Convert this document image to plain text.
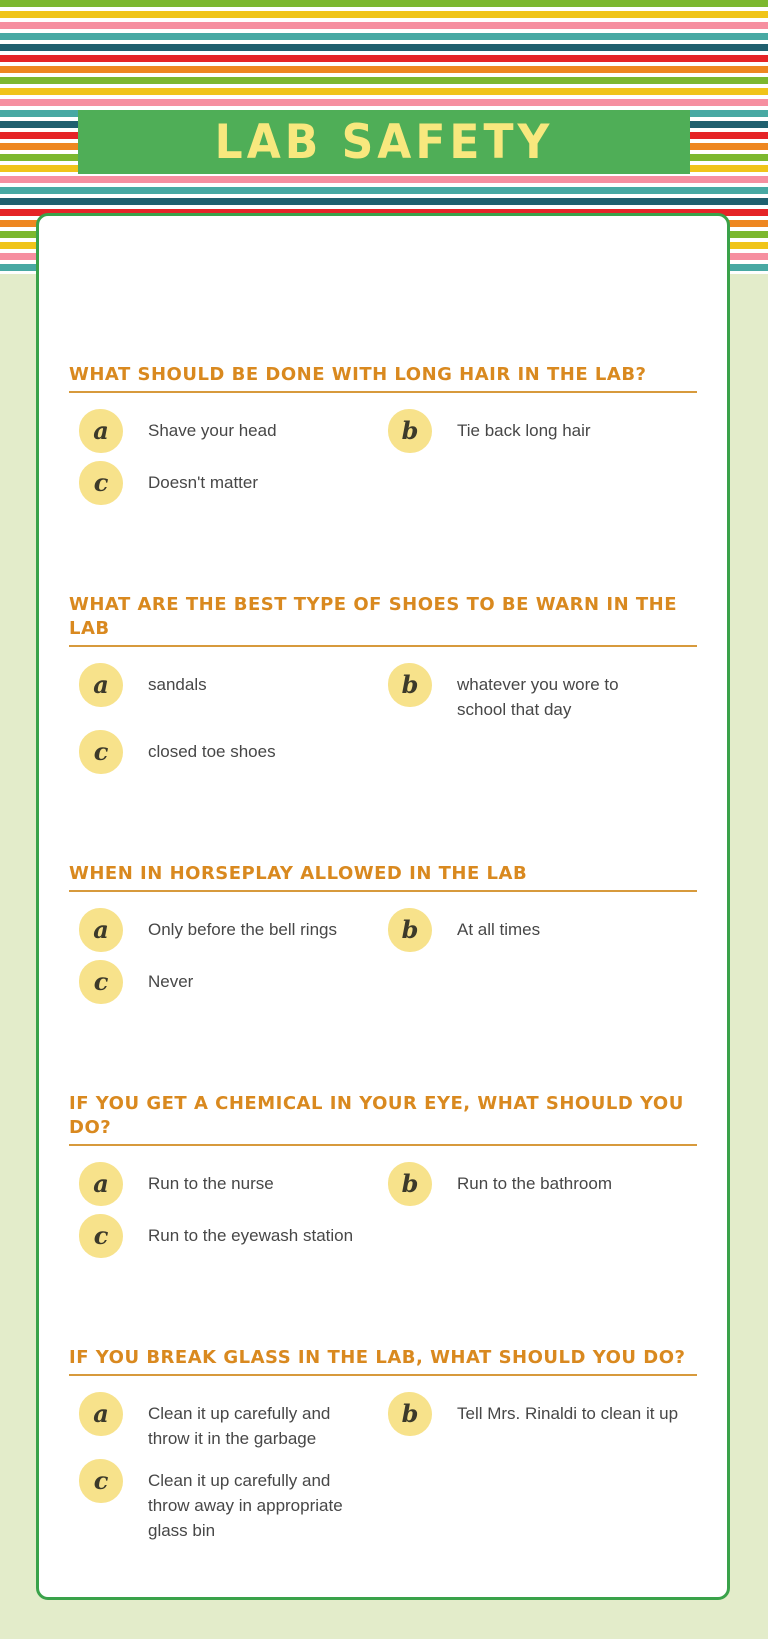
LAB SAFETY
WHAT SHOULD BE DONE WITH LONG HAIR IN THE LAB?
a	Shave your head	b	Tie back long hair
c	Doesn't matter
WHAT ARE THE BEST TYPE OF SHOES TO BE WARN IN THE
LAB
a	sandals	b	whatever you wore to
school that day
c	closed toe shoes
WHEN IN HORSEPLAY ALLOWED IN THE LAB
a	Only before the bell rings	b	At all times
c	Never
IF YOU GET A CHEMICAL IN YOUR EYE, WHAT SHOULD YOU
DO?
a	Run to the nurse	b	Run to the bathroom
c	Run to the eyewash station
IF YOU BREAK GLASS IN THE LAB, WHAT SHOULD YOU DO?
a	Clean it up carefully and
throw it in the garbage
b	Tell Mrs. Rinaldi to clean it up
c	Clean it up carefully and
throw away in appropriate
glass bin
